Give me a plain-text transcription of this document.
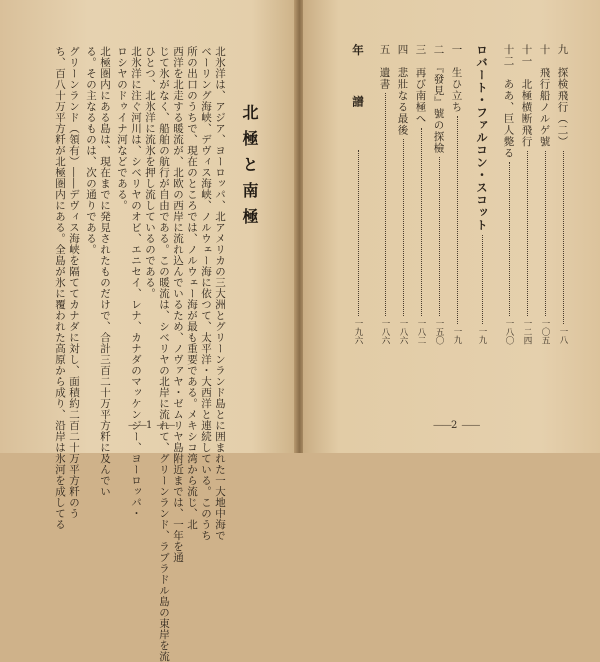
北極と南極
北氷洋は、アジア、ヨーロッパ、北アメリカの三大洲とグリーンランド島とに囲まれた一大地中海で
ベーリング海峡、デヴィス海峡、ノルウェー海に依つて、太平洋・大西洋と連続している。このうち
所の出口のうちで、現在のところでは、ノルウェー海が最も重要である。メキシコ湾から流じ、北
西洋を北走する暖流が、北欧の西岸に流れ込んでいるため、ノヴァヤ・ゼムリヤ島附近までは、一年を通
じて氷がなく、船舶の航行が自由である。この暖流は、シベリヤの北岸に流れて、グリーンランド、ラブラドル島の東岸を流
ひとつ、北氷洋に流氷を押し流しているのである。
北氷洋に注ぐ河川は、シベリヤのオビ、エニセイ、レナ、カナダのマッケンジー、ヨーロッパ・
ロシヤのドゥイナ河などである。
北極圏内にある島は、現在までに発見されたものだけで、合計三百二十万平方粁に及んでい
る。その主なるものは、次の通りである。
グリーンランド（領有）――デヴィス海峡を隔ててカナダに対し、面積約二百二十万平方粁のう
ち、百八十万平方粁が北極圏内にある。全島が氷に覆われた高原から成り、沿岸は氷河を成してる
——	1 ——
九　探検飛行（二）
一八
十　飛行船ノルゲ號
一〇五
十一　北極横断飛行
一二四
十二　ああ、巨人斃る
一八〇
ロバート・ファルコン・スコット
一九
一　生ひ立ち
一九
二　『發見』號の探檢
一五〇
三　再び南極へ
一八二
四　悲壯なる最後
一八六
五　遺書
一八六
年譜
一九六
—— 2 ——
